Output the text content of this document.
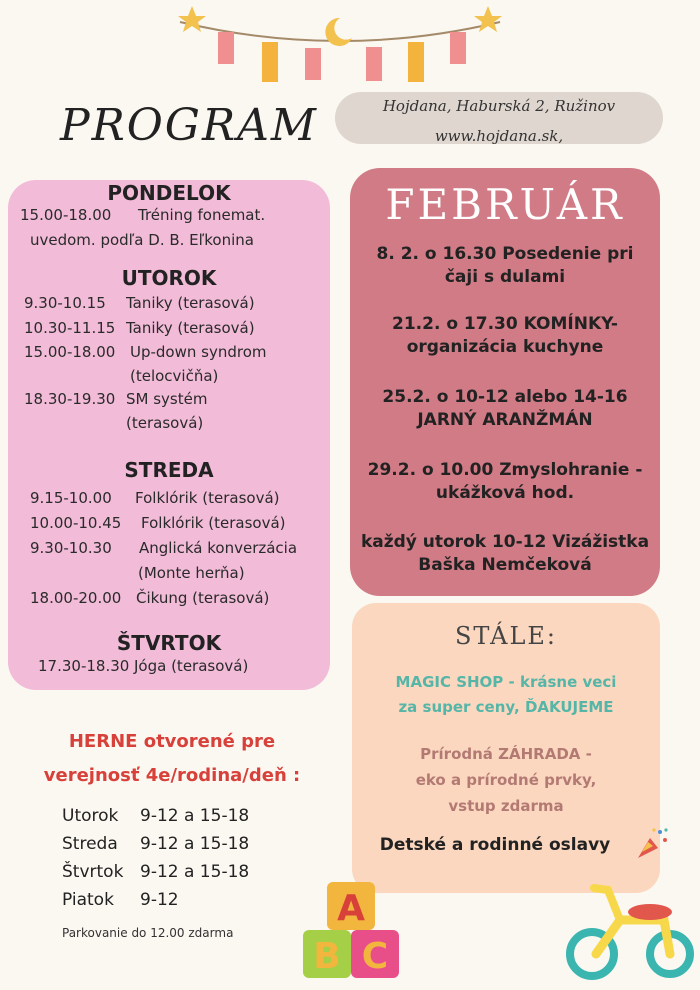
PROGRAM	Hojdana, Haburská 2, Ružinov
www.hojdana.sk,
PONDELOK
15.00-18.00 Tréning fonemat.
uvedom. podľa D. B. Eľkonina
UTOROK
9.30-10.15 Taniky (terasová)
10.30-11.15 Taniky (terasová)
15.00-18.00 Up-down syndrom
(telocvičňa)
18.30-19.30 SM systém
(terasová)
STREDA
9.15-10.00 Folklórik (terasová)
10.00-10.45 Folklórik (terasová)
9.30-10.30 Anglická konverzácia
(Monte herňa)
18.00-20.00 Čikung (terasová)
ŠTVRTOK
17.30-18.30 Jóga (terasová)
FEBRUÁR
8. 2. o 16.30 Posedenie pri
čaji s dulami
21.2. o 17.30 KOMÍNKY-
organizácia kuchyne
25.2. o 10-12 alebo 14-16
JARNÝ ARANŽMÁN
29.2. o 10.00 Zmyslohranie -
ukážková hod.
každý utorok 10-12 Vizážistka
Baška Nemčeková
STÁLE:
MAGIC SHOP - krásne veci
za super ceny, ĎAKUJEME
Prírodná ZÁHRADA -
eko a prírodné prvky,
vstup zdarma
Detské a rodinné oslavy
HERNE otvorené pre
verejnosť 4e/rodina/deň :
Utorok 9-12 a 15-18
Streda 9-12 a 15-18
Štvrtok 9-12 a 15-18
Piatok 9-12
Parkovanie do 12.00 zdarma
A
B C
